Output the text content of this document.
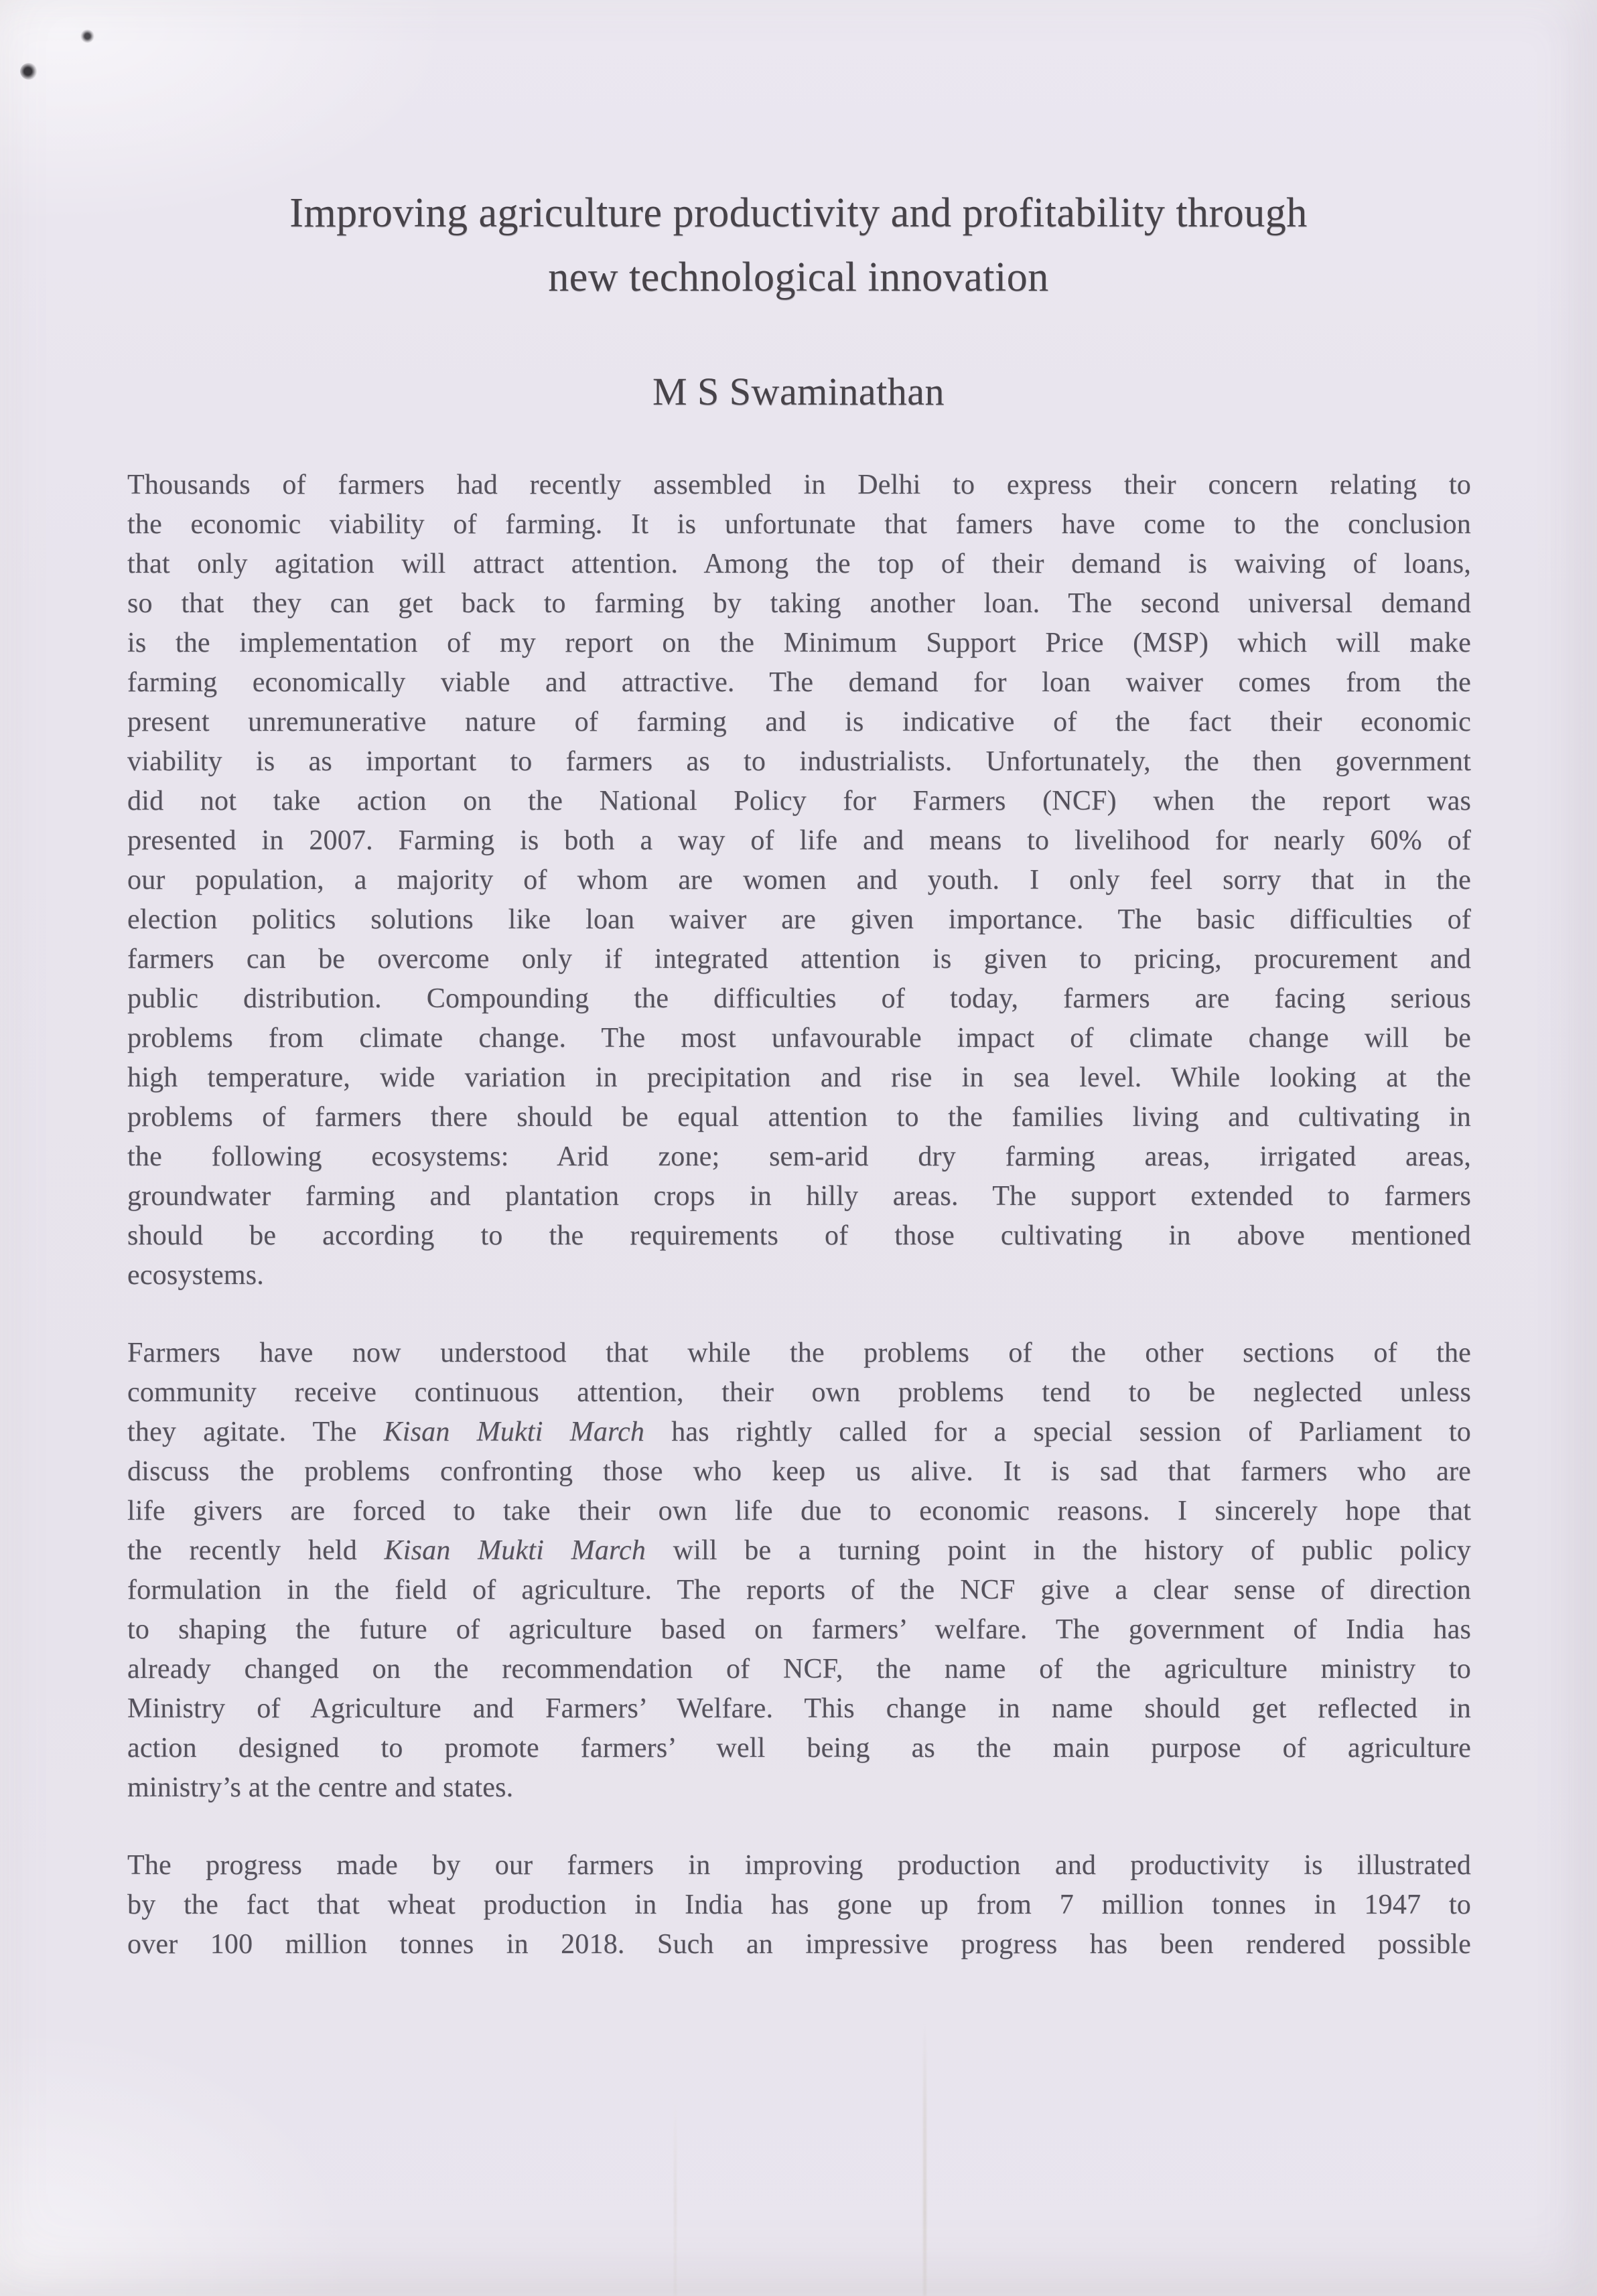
Improving agriculture productivity and profitability through
new technological innovation
M S Swaminathan
Thousands of farmers had recently assembled in Delhi to express their concern relating to
the economic viability of farming. It is unfortunate that famers have come to the conclusion
that only agitation will attract attention. Among the top of their demand is waiving of loans,
so that they can get back to farming by taking another loan. The second universal demand
is the implementation of my report on the Minimum Support Price (MSP) which will make
farming economically viable and attractive. The demand for loan waiver comes from the
present unremunerative nature of farming and is indicative of the fact their economic
viability is as important to farmers as to industrialists. Unfortunately, the then government
did not take action on the National Policy for Farmers (NCF) when the report was
presented in 2007. Farming is both a way of life and means to livelihood for nearly 60% of
our population, a majority of whom are women and youth. I only feel sorry that in the
election politics solutions like loan waiver are given importance. The basic difficulties of
farmers can be overcome only if integrated attention is given to pricing, procurement and
public distribution. Compounding the difficulties of today, farmers are facing serious
problems from climate change. The most unfavourable impact of climate change will be
high temperature, wide variation in precipitation and rise in sea level. While looking at the
problems of farmers there should be equal attention to the families living and cultivating in
the following ecosystems: Arid zone; sem-arid dry farming areas, irrigated areas,
groundwater farming and plantation crops in hilly areas. The support extended to farmers
should be according to the requirements of those cultivating in above mentioned
ecosystems.
Farmers have now understood that while the problems of the other sections of the
community receive continuous attention, their own problems tend to be neglected unless
they agitate. The Kisan Mukti March has rightly called for a special session of Parliament to
discuss the problems confronting those who keep us alive. It is sad that farmers who are
life givers are forced to take their own life due to economic reasons. I sincerely hope that
the recently held Kisan Mukti March will be a turning point in the history of public policy
formulation in the field of agriculture. The reports of the NCF give a clear sense of direction
to shaping the future of agriculture based on farmers’ welfare. The government of India has
already changed on the recommendation of NCF, the name of the agriculture ministry to
Ministry of Agriculture and Farmers’ Welfare. This change in name should get reflected in
action designed to promote farmers’ well being as the main purpose of agriculture
ministry’s at the centre and states.
The progress made by our farmers in improving production and productivity is illustrated
by the fact that wheat production in India has gone up from 7 million tonnes in 1947 to
over 100 million tonnes in 2018. Such an impressive progress has been rendered possible
